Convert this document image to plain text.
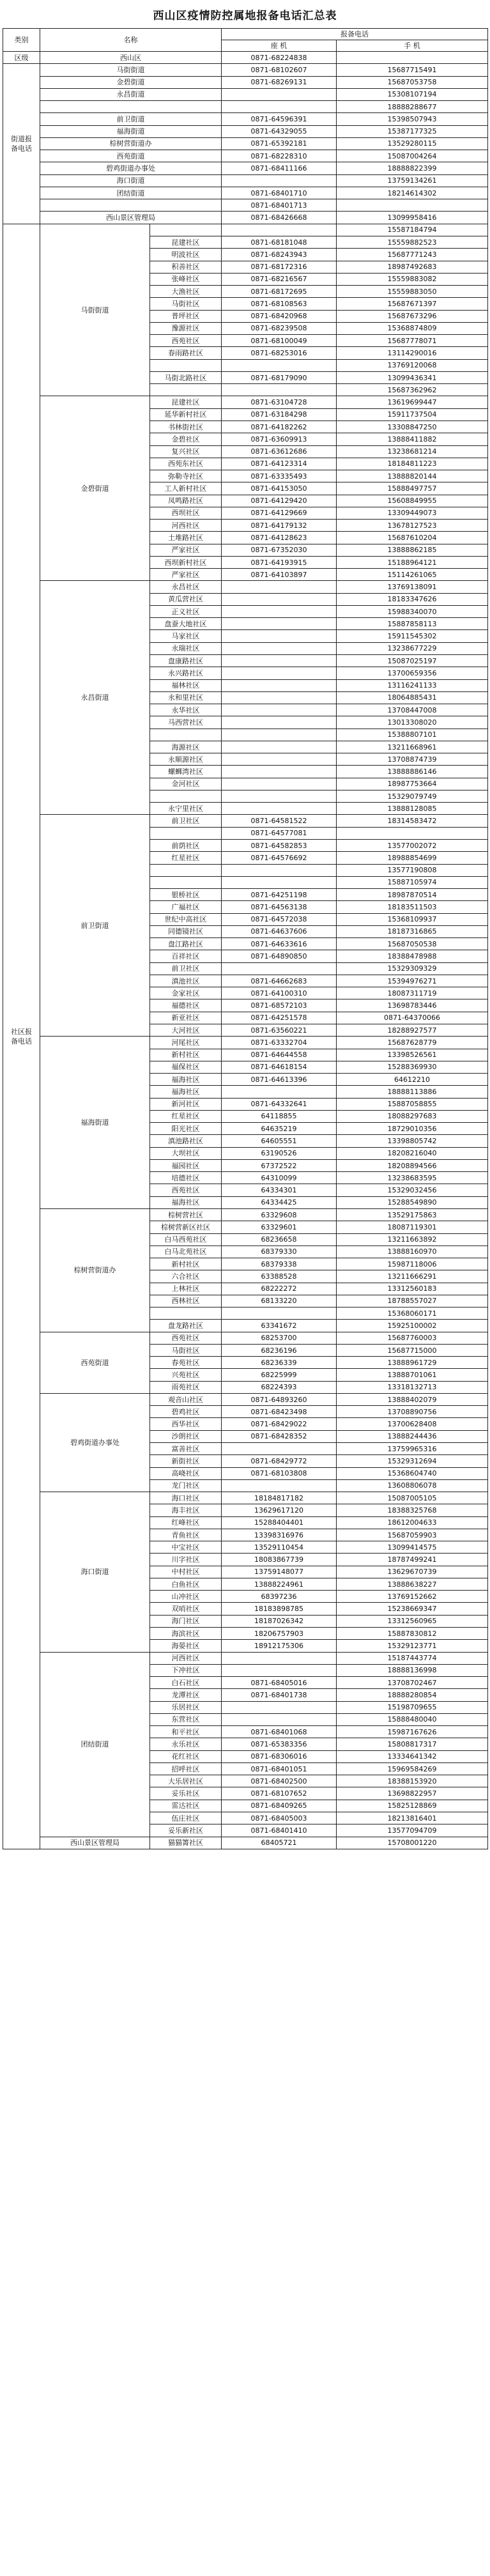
西山区疫情防控属地报备电话汇总表
类别	名称		报备电话	
			座 机	手 机
区级	西山区		0871-68224838	
街道报备电话	马街街道		0871-68102607	15687715491
	金碧街道		0871-68269131	15687053758
	永昌街道			15308107194
				18888288677
	前卫街道		0871-64596391	15398507943
	福海街道		0871-64329055	15387177325
	棕树营街道办		0871-65392181	13529280115
	西苑街道		0871-68228310	15087004264
	碧鸡街道办事处		0871-68411166	18888822399
	海口街道			13759134261
	团结街道		0871-68401710	18214614302
			0871-68401713	
	西山景区管理局		0871-68426668	13099958416
社区报备电话	马街街道			15587184794
		昆建社区	0871-68181048	15559882523
		明波社区	0871-68243943	15687771243
		积善社区	0871-68172316	18987492683
		张峰社区	0871-68216567	15559883082
		大渔社区	0871-68172695	15559883050
		马街社区	0871-68108563	15687671397
		普坪社区	0871-68420968	15687673296
		豫源社区	0871-68239508	15368874809
		西苑社区	0871-68100049	15687778071
		春雨路社区	0871-68253016	13114290016
				13769120068
		马街北路社区	0871-68179090	13099436341
				15687362962
	金碧街道	昆建社区	0871-63104728	13619699447
		延华新村社区	0871-63184298	15911737504
		书林街社区	0871-64182262	13308847250
		金碧社区	0871-63609913	13888411882
		复兴社区	0871-63612686	13238681214
		西苑东社区	0871-64123314	18184811223
		弥勒寺社区	0871-63335493	13888820144
		工人新村社区	0871-64153050	15888497757
		凤鸣路社区	0871-64129420	15608849955
		西坝社区	0871-64129669	13309449073
		河西社区	0871-64179132	13678127523
		土堆路社区	0871-64128623	15687610204
		严家社区	0871-67352030	13888862185
		西坝新村社区	0871-64193915	15188964121
		严家社区	0871-64103897	15114261065
	永昌街道	永昌社区		13769138091
		黄瓜营社区		18183347626
		正义社区		15988340070
		盘蚕大地社区		15887858113
		马家社区		15911545302
		永瑞社区		13238677229
		盘康路社区		15087025197
		永兴路社区		13700659356
		福林社区		13116241133
		永和里社区		18064885431
		永华社区		13708447008
		马西营社区		13013308020
				15388807101
		海源社区		13211668961
		永顺源社区		13708874739
		螺蛳湾社区		13888886146
		金河社区		18987753664
				15329079749
		永宁里社区		13888128085
	前卫街道	前卫社区	0871-64581522	18314583472
			0871-64577081	
		前荫社区	0871-64582853	13577002072
		红星社区	0871-64576692	18988854699
				13577190808
				15887105974
		银桥社区	0871-64251198	18987870514
		广福社区	0871-64563138	18183511503
		世纪中高社区	0871-64572038	15368109937
		同德镜社区	0871-64637606	18187316865
		盘江路社区	0871-64633616	15687050538
		百祥社区	0871-64890850	18388478988
		前卫社区		15329309329
		滇池社区	0871-64662683	15394976271
		金家社区	0871-64100310	18087311719
		福德社区	0871-68572103	13698783446
		新亚社区	0871-64251578	0871-64370066
		大河社区	0871-63560221	18288927577
	福海街道	河尾社区	0871-63332704	15687628779
		新村社区	0871-64644558	13398526561
		福保社区	0871-64618154	15288369930
		福海社区	0871-64613396	64612210
		福海社区		18888113886
		新河社区	0871-64332641	15887058855
		红星社区	64118855	18088297683
		阳光社区	64635219	18729010356
		滇池路社区	64605551	13398805742
		大坝社区	63190526	18208216040
		福园社区	67372522	18208894566
		培德社区	64310099	13238683595
		西苑社区	64334301	15329032456
		福海社区	64334425	15288549890
	棕树营街道办	棕树营社区	63329608	13529175863
		棕树营新区社区	63329601	18087119301
		白马西苑社区	68236658	13211663892
		白马北苑社区	68379330	13888160970
		新村社区	68379338	15987118006
		六合社区	63388528	13211666291
		上林社区	68222272	13312560183
		西林社区	68133220	18788557027
				15368060171
		盘龙路社区	63341672	15925100002
	西苑街道	西苑社区	68253700	15687760003
		马街社区	68236196	15687715000
		春苑社区	68236339	13888961729
		兴苑社区	68225999	13888701061
		雨苑社区	68224393	13318132713
	碧鸡街道办事处	观音山社区	0871-64893260	13888402079
		碧鸡社区	0871-68423498	13708890756
		西华社区	0871-68429022	13700628408
		沙朗社区	0871-68428352	13888244436
		富善社区		13759965316
		新街社区	0871-68429772	15329312694
		高峣社区	0871-68103808	15368604740
		龙门社区		13608806078
	海口街道	海口社区	18184817182	15087005105
		海丰社区	13629617120	18388325768
		红峰社区	15288404401	18612004633
		青鱼社区	13398316976	15687059903
		中宝社区	13529110454	13099414575
		川字社区	18083867739	18787499241
		中村社区	13759148077	13629670739
		白鱼社区	13888224961	13888638227
		山冲社区	68397236	13769152662
		双哨社区	18183898785	15238669347
		海门社区	18187026342	13312560965
		海滨社区	18206757903	15887830812
		海晏社区	18912175306	15329123771
	团结街道	河西社区		15187443774
		下冲社区		18888136998
		白石社区	0871-68405016	13708702467
		龙潭社区	0871-68401738	18888280854
		乐居社区		15198709655
		东营社区		15888480040
		和平社区	0871-68401068	15987167626
		永乐社区	0871-65383356	15808817317
		花红社区	0871-68306016	13334641342
		招呼社区	0871-68401051	15969584269
		大乐居社区	0871-68402500	18388153920
		妥乐社区	0871-68107652	13698822957
		雷达社区	0871-68409265	15825128869
		伍庄社区	0871-68405003	18213816401
		妥乐新社区	0871-68401410	13577094709
	西山景区管理局	猫猫箐社区	68405721	15708001220
